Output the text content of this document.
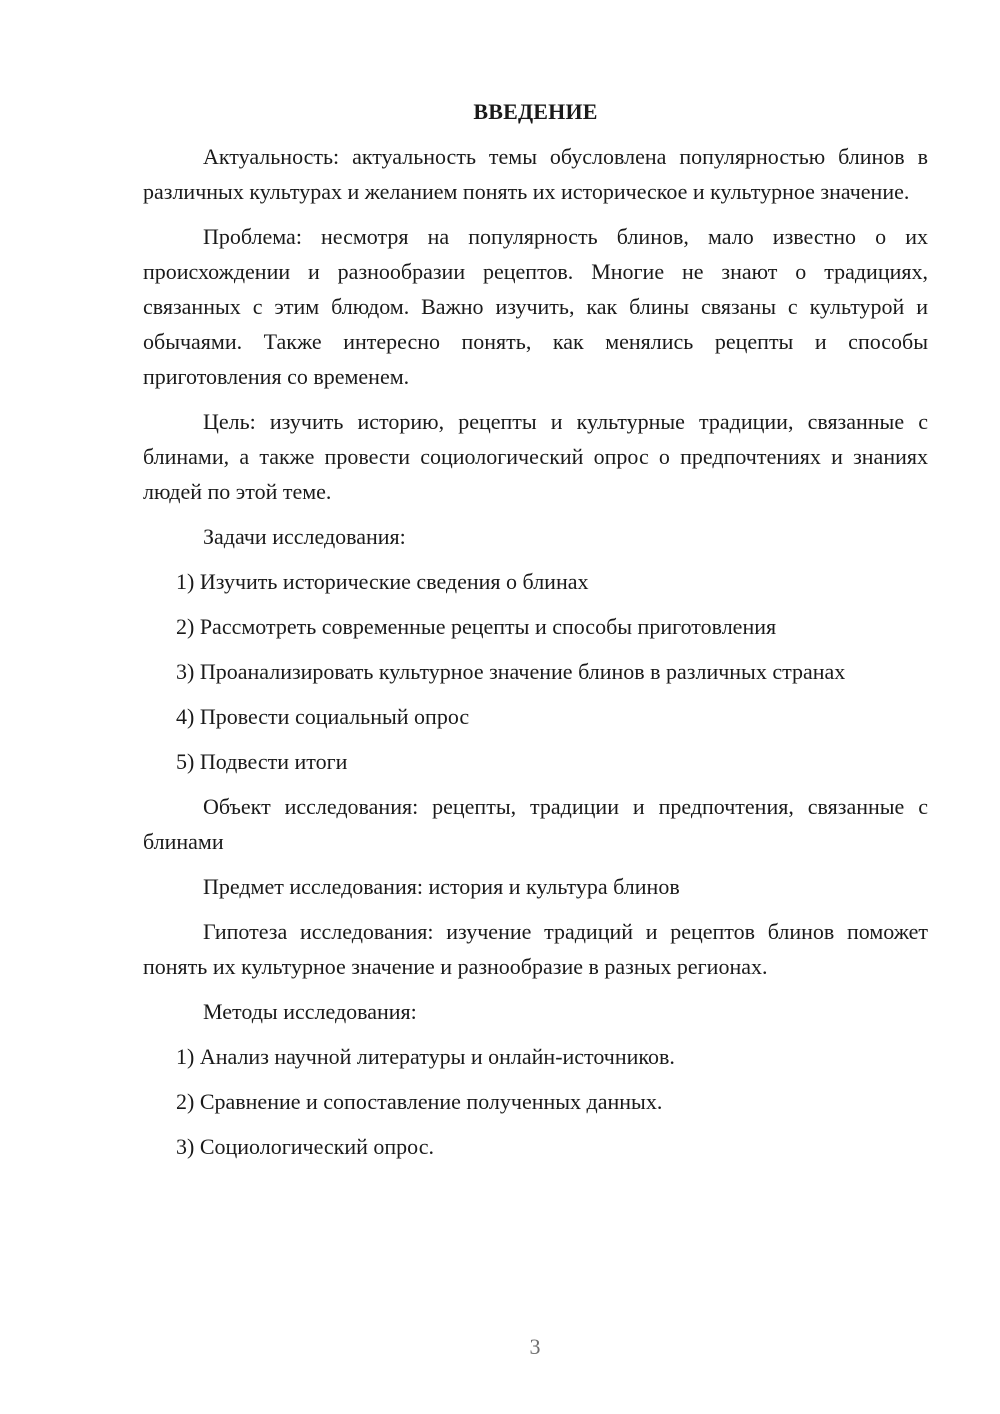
ВВЕДЕНИЕ

Актуальность: актуальность темы обусловлена популярностью блинов в различных культурах и желанием понять их историческое и культурное значение.

Проблема: несмотря на популярность блинов, мало известно о их происхождении и разнообразии рецептов. Многие не знают о традициях, связанных с этим блюдом. Важно изучить, как блины связаны с культурой и обычаями. Также интересно понять, как менялись рецепты и способы приготовления со временем.

Цель: изучить историю, рецепты и культурные традиции, связанные с блинами, а также провести социологический опрос о предпочтениях и знаниях людей по этой теме.

Задачи исследования:

1) Изучить исторические сведения о блинах

2) Рассмотреть современные рецепты и способы приготовления

3) Проанализировать культурное значение блинов в различных странах

4) Провести социальный опрос

5) Подвести итоги

Объект исследования: рецепты, традиции и предпочтения, связанные с блинами

Предмет исследования: история и культура блинов

Гипотеза исследования: изучение традиций и рецептов блинов поможет понять их культурное значение и разнообразие в разных регионах.

Методы исследования:

1) Анализ научной литературы и онлайн-источников.

2) Сравнение и сопоставление полученных данных.

3) Социологический опрос.

3
